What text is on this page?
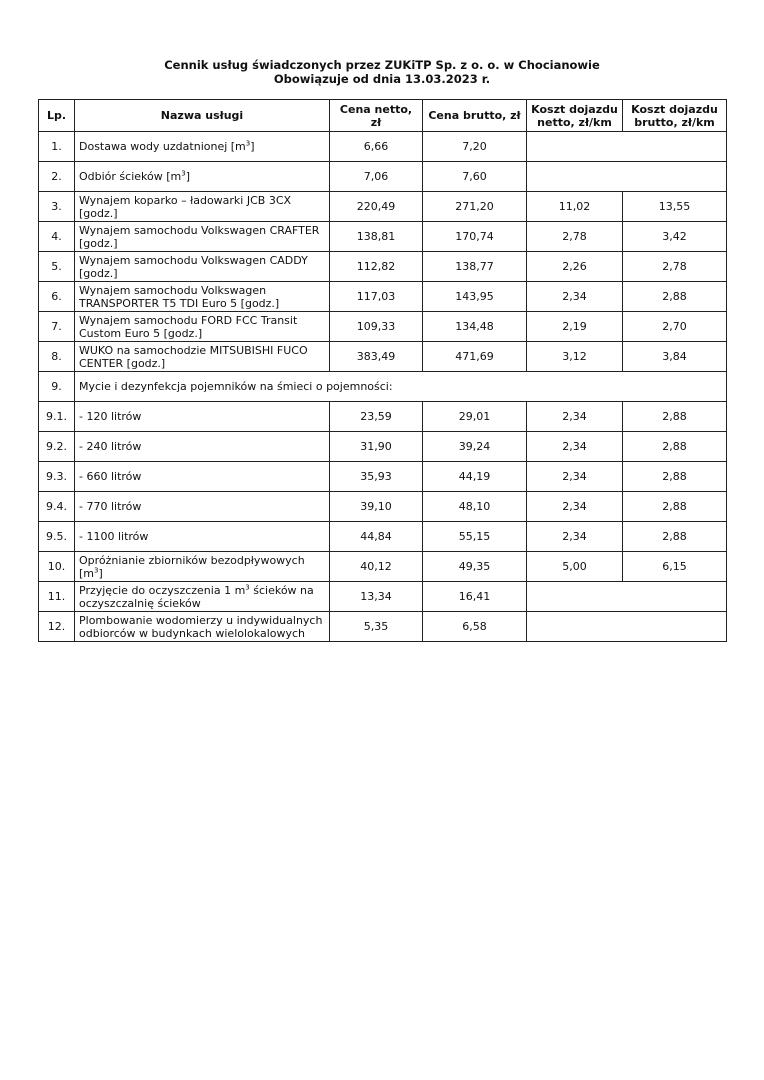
Cennik usług świadczonych przez ZUKiTP Sp. z o. o. w Chocianowie
Obowiązuje od dnia 13.03.2023 r.
Lp.	Nazwa usługi	Cena netto, zł	Cena brutto, zł	Koszt dojazdu netto, zł/km	Koszt dojazdu brutto, zł/km
1.	Dostawa wody uzdatnionej $[m^3]$	6,66	7,20		
2.	Odbiór ścieków $[m^3]$	7,06	7,60		
3.	Wynajem koparko – ładowarki JCB 3CX [godz.]	220,49	271,20	11,02	13,55
4.	Wynajem samochodu Volkswagen CRAFTER [godz.]	138,81	170,74	2,78	3,42
5.	Wynajem samochodu Volkswagen CADDY [godz.]	112,82	138,77	2,26	2,78
6.	Wynajem samochodu Volkswagen TRANSPORTER T5 TDI Euro 5 [godz.]	117,03	143,95	2,34	2,88
7.	Wynajem samochodu FORD FCC Transit Custom Euro 5 [godz.]	109,33	134,48	2,19	2,70
8.	WUKO na samochodzie MITSUBISHI FUCO CENTER [godz.]	383,49	471,69	3,12	3,84
9.	Mycie i dezynfekcja pojemników na śmieci o pojemności:				
9.1.	- 120 litrów	23,59	29,01	2,34	2,88
9.2.	- 240 litrów	31,90	39,24	2,34	2,88
9.3.	- 660 litrów	35,93	44,19	2,34	2,88
9.4.	- 770 litrów	39,10	48,10	2,34	2,88
9.5.	- 1100 litrów	44,84	55,15	2,34	2,88
10.	Opróżnianie zbiorników bezodpływowych $[m^3]$	40,12	49,35	5,00	6,15
11.	Przyjęcie do oczyszczenia 1 $m^3$ ścieków na oczyszczalnię ścieków	13,34	16,41		
12.	Plombowanie wodomierzy u indywidualnych odbiorców w budynkach wielolokalowych	5,35	6,58		
